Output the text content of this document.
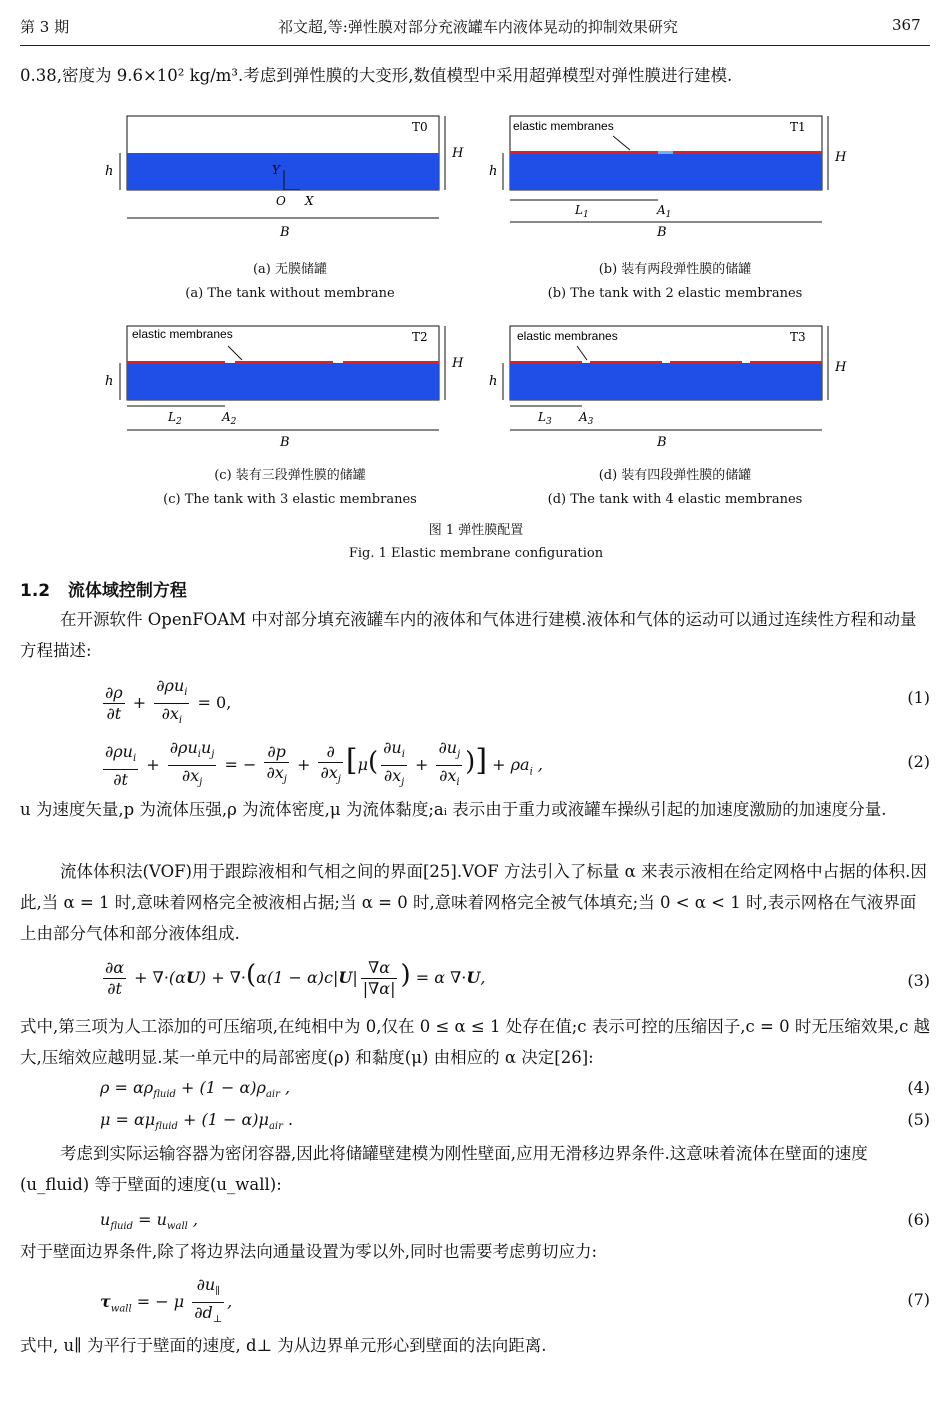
第 3 期	祁文超,等:弹性膜对部分充液罐车内液体晃动的抑制效果研究	367

0.38,密度为 9.6×10² kg/m³.考虑到弹性膜的大变形,数值模型中采用超弹模型对弹性膜进行建模.

T0
H
h
B
Y
O X
(a) 无膜储罐
(a) The tank without membrane
elastic membranes	T1
H
h
$L_1$	$A_1$
B
(b) 装有两段弹性膜的储罐
(b) The tank with 2 elastic membranes
elastic membranes	T2
H
h
$L_2$	$A_2$
B
(c) 装有三段弹性膜的储罐
(c) The tank with 3 elastic membranes
elastic membranes	T3
H
h
$L_3$ $A_3$
B
(d) 装有四段弹性膜的储罐
(d) The tank with 4 elastic membranes
图 1 弹性膜配置
Fig. 1 Elastic membrane configuration
1.2 流体域控制方程

在开源软件 OpenFOAM 中对部分填充液罐车内的液体和气体进行建模.液体和气体的运动可以通过连续性方程和动量方程描述:

$\frac{\partial\rho}{\partial t} + \frac{\partial\rho u_i}{\partial x_i} = 0$,	(1)
$\frac{\partial\rho u_i}{\partial t} + \frac{\partial\rho u_iu_j}{\partial x_j}$ = − $\frac{\partial p}{\partial x_j} + \frac{\partial}{\partial x_j} [\mu( \frac{\partial u_i}{\partial x_j} + \frac{\partial u_j}{\partial x_i}$ )] + $\rho a_i$ ,	(2)

u 为速度矢量,p 为流体压强,ρ 为流体密度,μ 为流体黏度;aᵢ 表示由于重力或液罐车操纵引起的加速度激励的加速度分量.

流体体积法(VOF)用于跟踪液相和气相之间的界面[25].VOF 方法引入了标量 α 来表示液相在给定网格中占据的体积.因此,当 α = 1 时,意味着网格完全被液相占据;当 α = 0 时,意味着网格完全被气体填充;当 0 < α < 1 时,表示网格在气液界面上由部分气体和部分液体组成.

$\frac{\partial\alpha}{\partial t} + \nabla\cdot(\alpha U) + \nabla\cdot(\alpha(1 - \alpha)c|U| \frac{\nabla\alpha}{|\nabla\alpha|}$ ) = α ∇·U,	(3)

式中,第三项为人工添加的可压缩项,在纯相中为 0,仅在 0 ≤ α ≤ 1 处存在值;c 表示可控的压缩因子,c = 0 时无压缩效果,c 越大,压缩效应越明显.某一单元中的局部密度(ρ) 和黏度(μ) 由相应的 α 决定[26]:

$\rho = \alpha\rho_{fluid} + (1 - \alpha)\rho_{air}$ ,	(4)
$\mu = \alpha\mu_{fluid} + (1 - \alpha)\mu_{air}$ .	(5)

考虑到实际运输容器为密闭容器,因此将储罐壁建模为刚性壁面,应用无滑移边界条件.这意味着流体在壁面的速度 (u_fluid) 等于壁面的速度(u_wall):

$u_{fluid} = u_{wall}$ ,	(6)

对于壁面边界条件,除了将边界法向通量设置为零以外,同时也需要考虑剪切应力:

$\tau_{wall}$ = − μ $\frac{\partial u_\parallel}{\partial d_\perp}$ ,	(7)

式中, u∥ 为平行于壁面的速度, d⊥ 为从边界单元形心到壁面的法向距离.
